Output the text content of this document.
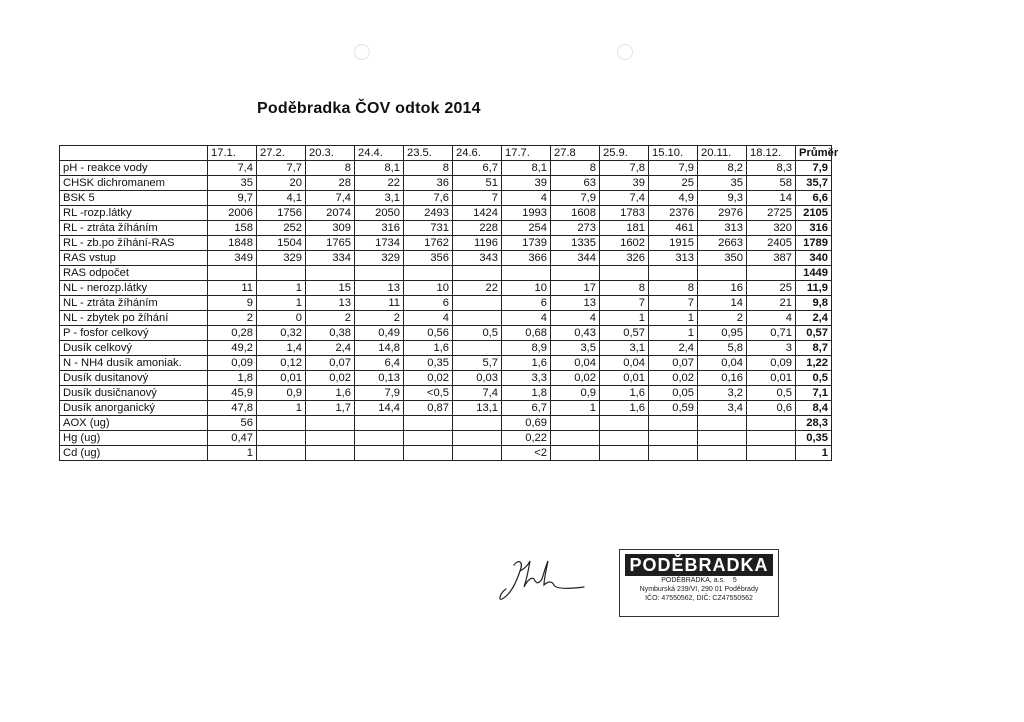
Poděbradka ČOV odtok 2014
	17.1.	27.2.	20.3.	24.4.	23.5.	24.6.	17.7.	27.8	25.9.	15.10.	20.11.	18.12.	Průměr
pH - reakce vody	7,4	7,7	8	8,1	8	6,7	8,1	8	7,8	7,9	8,2	8,3	7,9
CHSK dichromanem	35	20	28	22	36	51	39	63	39	25	35	58	35,7
BSK 5	9,7	4,1	7,4	3,1	7,6	7	4	7,9	7,4	4,9	9,3	14	6,6
RL -rozp.látky	2006	1756	2074	2050	2493	1424	1993	1608	1783	2376	2976	2725	2105
RL - ztráta žíháním	158	252	309	316	731	228	254	273	181	461	313	320	316
RL - zb.po žíhání-RAS	1848	1504	1765	1734	1762	1196	1739	1335	1602	1915	2663	2405	1789
RAS vstup	349	329	334	329	356	343	366	344	326	313	350	387	340
RAS odpočet													1449
NL - nerozp.látky	11	1	15	13	10	22	10	17	8	8	16	25	11,9
NL - ztráta žíháním	9	1	13	11	6		6	13	7	7	14	21	9,8
NL - zbytek po žíhání	2	0	2	2	4		4	4	1	1	2	4	2,4
P - fosfor celkový	0,28	0,32	0,38	0,49	0,56	0,5	0,68	0,43	0,57	1	0,95	0,71	0,57
Dusík celkový	49,2	1,4	2,4	14,8	1,6		8,9	3,5	3,1	2,4	5,8	3	8,7
N - NH4 dusík amoniak.	0,09	0,12	0,07	6,4	0,35	5,7	1,6	0,04	0,04	0,07	0,04	0,09	1,22
Dusík dusitanový	1,8	0,01	0,02	0,13	0,02	0,03	3,3	0,02	0,01	0,02	0,16	0,01	0,5
Dusík dusičnanový	45,9	0,9	1,6	7,9	<0,5	7,4	1,8	0,9	1,6	0,05	3,2	0,5	7,1
Dusík anorganický	47,8	1	1,7	14,4	0,87	13,1	6,7	1	1,6	0,59	3,4	0,6	8,4
AOX (ug)	56						0,69						28,3
Hg (ug)	0,47						0,22						0,35
Cd (ug)	1						<2						1
PODĚBRADKA
PODĚBRADKA, a.s. 5
Nymburská 239/VI, 290 01 Poděbrady
IČO: 47550562, DIČ: CZ47550562
